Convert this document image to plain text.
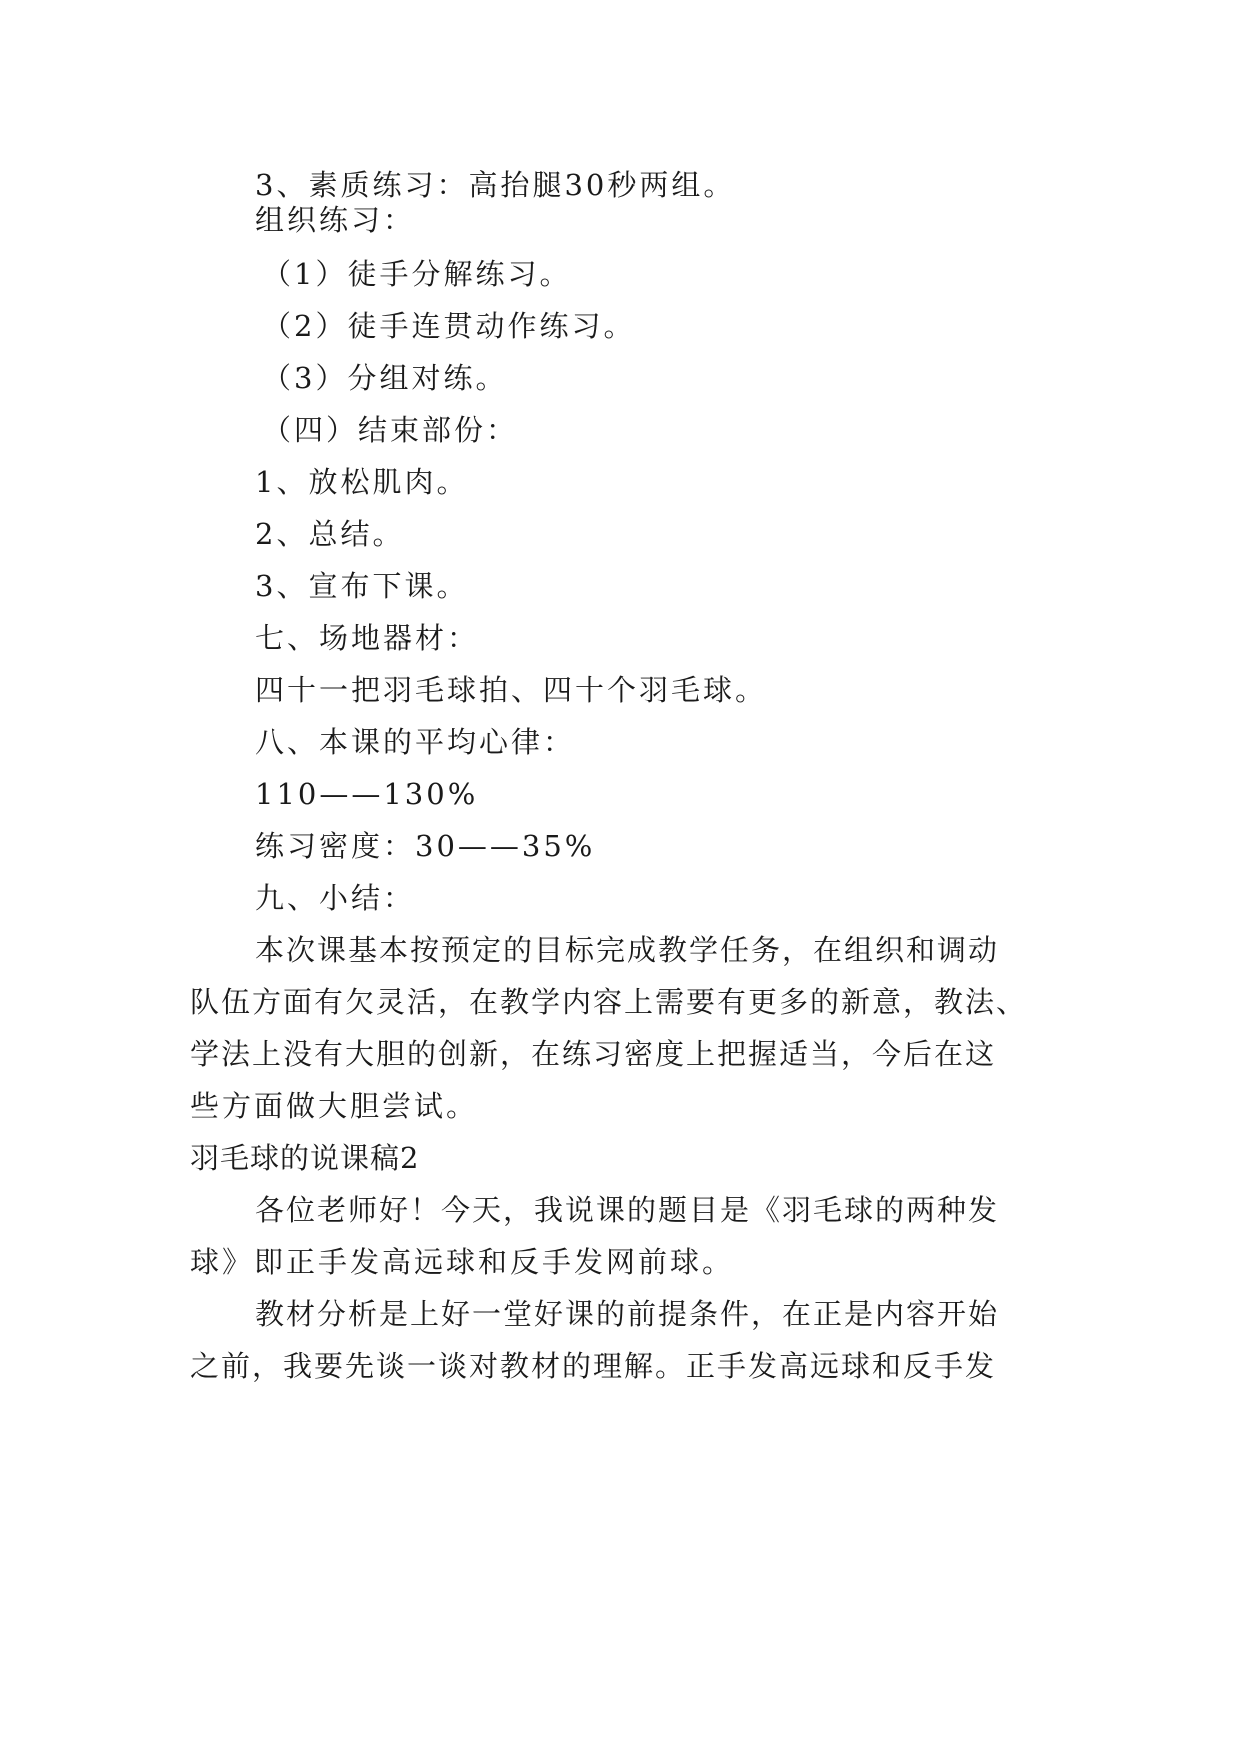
3、素质练习：高抬腿30秒两组。
组织练习：
（1）徒手分解练习。
（2）徒手连贯动作练习。
（3）分组对练。
（四）结束部份：
1、放松肌肉。
2、总结。
3、宣布下课。
七、场地器材：
四十一把羽毛球拍、四十个羽毛球。
八、本课的平均心律：
110——130%
练习密度：30——35%
九、小结：
本次课基本按预定的目标完成教学任务，在组织和调动
队伍方面有欠灵活，在教学内容上需要有更多的新意，教法、
学法上没有大胆的创新，在练习密度上把握适当，今后在这
些方面做大胆尝试。
羽毛球的说课稿2
各位老师好！今天，我说课的题目是《羽毛球的两种发
球》即正手发高远球和反手发网前球。
教材分析是上好一堂好课的前提条件，在正是内容开始
之前，我要先谈一谈对教材的理解。正手发高远球和反手发
